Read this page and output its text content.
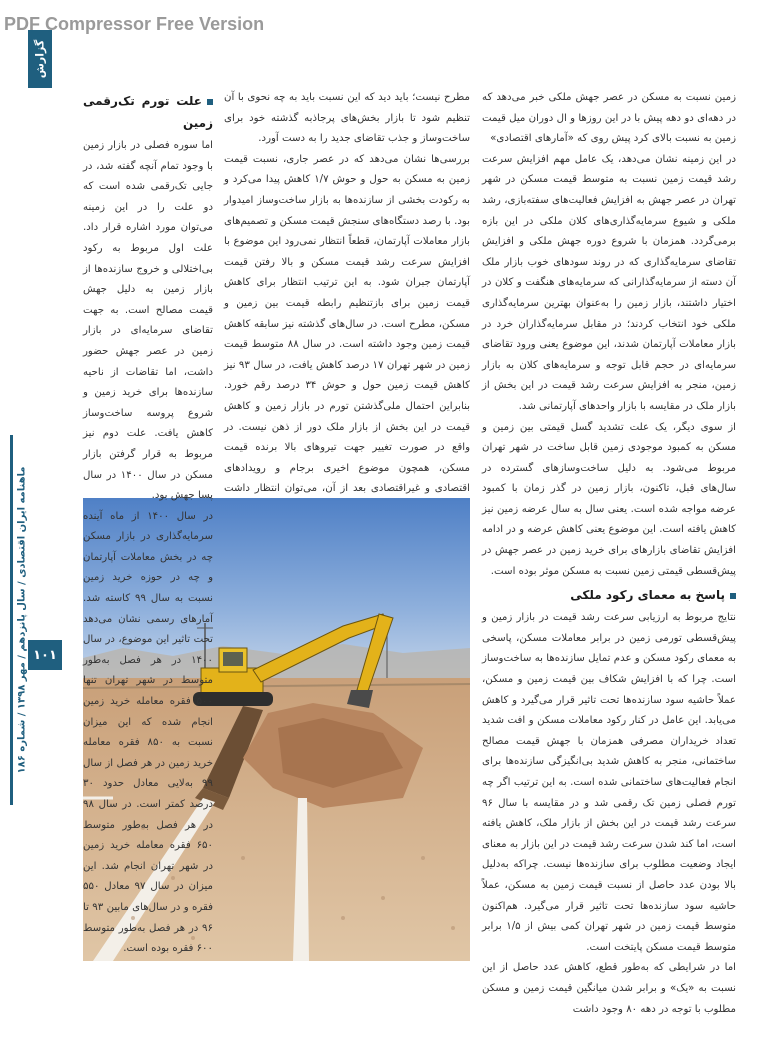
PDF Compressor Free Version
گزارش
ماهنامه ایران اقتصادی / سال پانزدهم / مهر ۱۳۹۸ / شماره ۱۸۶ ۱۰۱

زمین نسبت به مسکن در عصر جهش ملکی خبر می‌دهد که در دهه‌ای دو دهه پیش با در این روزها و ال دوران میل قیمت زمین به نسبت بالای کرد پیش روی که «آمارهای اقتصادی»

در این زمینه نشان می‌دهد، یک عامل مهم افزایش سرعت رشد قیمت زمین نسبت به متوسط قیمت مسکن در شهر تهران در عصر جهش به افزایش فعالیت‌های سفته‌بازی، رشد ملکی و شیوع سرمایه‌گذاری‌های کلان ملکی در این بازه برمی‌گردد. همزمان با شروع دوره جهش ملکی و افزایش تقاضای سرمایه‌گذاری که در روند سودهای خوب بازار ملک آن دسته از سرمایه‌گذارانی که سرمایه‌های هنگفت و کلان در اختیار داشتند، بازار زمین را به‌عنوان بهترین سرمایه‌گذاری ملکی خود انتخاب کردند؛ در مقابل سرمایه‌گذاران خرد در بازار معاملات آپارتمان شدند، این موضوع یعنی ورود تقاضای سرمایه‌ای در حجم قابل توجه و سرمایه‌های کلان به بازار زمین، منجر به افزایش سرعت رشد قیمت در این بخش از بازار ملک در مقایسه با بازار واحدهای آپارتمانی شد.

از سوی دیگر، یک علت تشدید گسل قیمتی بین زمین و مسکن به کمبود موجودی زمین قابل ساخت در شهر تهران مربوط می‌شود. به دلیل ساخت‌وسازهای گسترده در سال‌های قبل، تاکنون، بازار زمین در گذر زمان با کمبود عرضه مواجه شده است. یعنی سال به سال عرضه زمین نیز کاهش یافته است. این موضوع یعنی کاهش عرضه و در ادامه افزایش تقاضای بازارهای برای خرید زمین در عصر جهش در پیش‌قسطی قیمتی زمین نسبت به مسکن موثر بوده است.

پاسخ به معمای رکود ملکی

نتایج مربوط به ارزیابی سرعت رشد قیمت در بازار زمین و پیش‌قسطی تورمی زمین در برابر معاملات مسکن، پاسخی به معمای رکود مسکن و عدم تمایل سازنده‌ها به ساخت‌وساز است. چرا که با افزایش شکاف بین قیمت زمین و مسکن، عملاً حاشیه سود سازنده‌ها تحت تاثیر قرار می‌گیرد و کاهش می‌یابد. این عامل در کنار رکود معاملات مسکن و افت شدید تعداد خریداران مصرفی همزمان با جهش قیمت مصالح ساختمانی، منجر به کاهش شدید بی‌انگیزگی سازنده‌ها برای انجام فعالیت‌های ساختمانی شده است. به این ترتیب اگر چه تورم فصلی زمین تک رقمی شد و در مقایسه با سال ۹۶ سرعت رشد قیمت در این بخش از بازار ملک، کاهش یافته است، اما کند شدن سرعت رشد قیمت در این بازار به معنای ایجاد وضعیت مطلوب برای سازنده‌ها نیست. چراکه به‌دلیل بالا بودن عدد حاصل از نسبت قیمت زمین به مسکن، عملاً حاشیه سود سازنده‌ها تحت تاثیر قرار می‌گیرد. هم‌اکنون متوسط قیمت زمین در شهر تهران کمی بیش از ۱/۵ برابر متوسط قیمت مسکن پایتخت است.

اما در شرایطی که به‌طور قطع، کاهش عدد حاصل از این نسبت به «یک» و برابر شدن میانگین قیمت زمین و مسکن مطلوب با توجه در دهه ۸۰ وجود داشت

مطرح نیست؛ باید دید که این نسبت باید به چه نحوی با آن تنظیم شود تا بازار بخش‌های پرجاذبه گذشته خود برای ساخت‌وساز و جذب تقاضای جدید را به دست آورد.

بررسی‌ها نشان می‌دهد که در عصر جاری، نسبت قیمت زمین به مسکن به حول و حوش ۱/۷ کاهش پیدا می‌کرد و به رکودت بخشی از سازنده‌ها به بازار ساخت‌وساز امیدوار بود. با رصد دستگاه‌های سنجش قیمت مسکن و تصمیم‌های بازار معاملات آپارتمان، قطعاً انتظار نمی‌رود این موضوع با افزایش سرعت رشد قیمت مسکن و بالا رفتن قیمت آپارتمان جبران شود. به این ترتیب انتظار برای کاهش قیمت زمین برای بازتنظیم رابطه قیمت بین زمین و مسکن، مطرح است. در سال‌های گذشته نیز سابقه کاهش قیمت زمین وجود داشته است. در سال ۸۸ متوسط قیمت زمین در شهر تهران ۱۷ درصد کاهش یافت، در سال ۹۳ نیز کاهش قیمت زمین حول و حوش ۳۴ درصد رقم خورد. بنابراین احتمال ملی‌گذشتن تورم در بازار زمین و کاهش قیمت در این بخش از بازار ملک دور از ذهن نیست. در واقع در صورت تغییر جهت تیروهای بالا برنده قیمت مسکن، همچون موضوع اخیری برجام و رویدادهای اقتصادی و غیراقتصادی بعد از آن، می‌توان انتظار داشت

علت تورم تک‌رقمی زمین

اما سوره فصلی در بازار زمین با وجود تمام آنچه گفته شد، در جایی تک‌رقمی شده است که دو علت را در این زمینه می‌توان مورد اشاره قرار داد. علت اول مربوط به رکود بی‌اختلالی و خروج سازنده‌ها از بازار زمین به دلیل جهش قیمت مصالح است. به جهت تقاضای سرمایه‌ای در بازار زمین در عصر جهش حضور داشت، اما تقاضات از ناحیه سازنده‌ها برای خرید زمین و شروع پروسه ساخت‌وساز کاهش یافت. علت دوم نیز مربوط به قرار گرفتن بازار مسکن در سال ۱۴۰۰ در سال پسا جهش بود.

در سال ۱۴۰۰ از ماه آینده سرمایه‌گذاری در بازار مسکن چه در بخش معاملات آپارتمان و چه در حوزه خرید زمین نسبت به سال ۹۹ کاسته شد. آمارهای رسمی نشان می‌دهد تحت تاثیر این موضوع، در سال ۱۴۰۰ در هر فصل به‌طور متوسط در شهر تهران تنها ۵۰۰ فقره معامله خرید زمین انجام شده که این میزان نسبت به ۸۵۰ فقره معامله خرید زمین در هر فصل از سال ۹۹ به‌لایی معادل حدود ۳۰ درصد کمتر است. در سال ۹۸ در هر فصل به‌طور متوسط ۶۵۰ فقره معامله خرید زمین در شهر تهران انجام شد. این میزان در سال ۹۷ معادل ۵۵۰ فقره و در سال‌های مابین ۹۳ تا ۹۶ در هر فصل به‌طور متوسط ۶۰۰ فقره بوده است.
